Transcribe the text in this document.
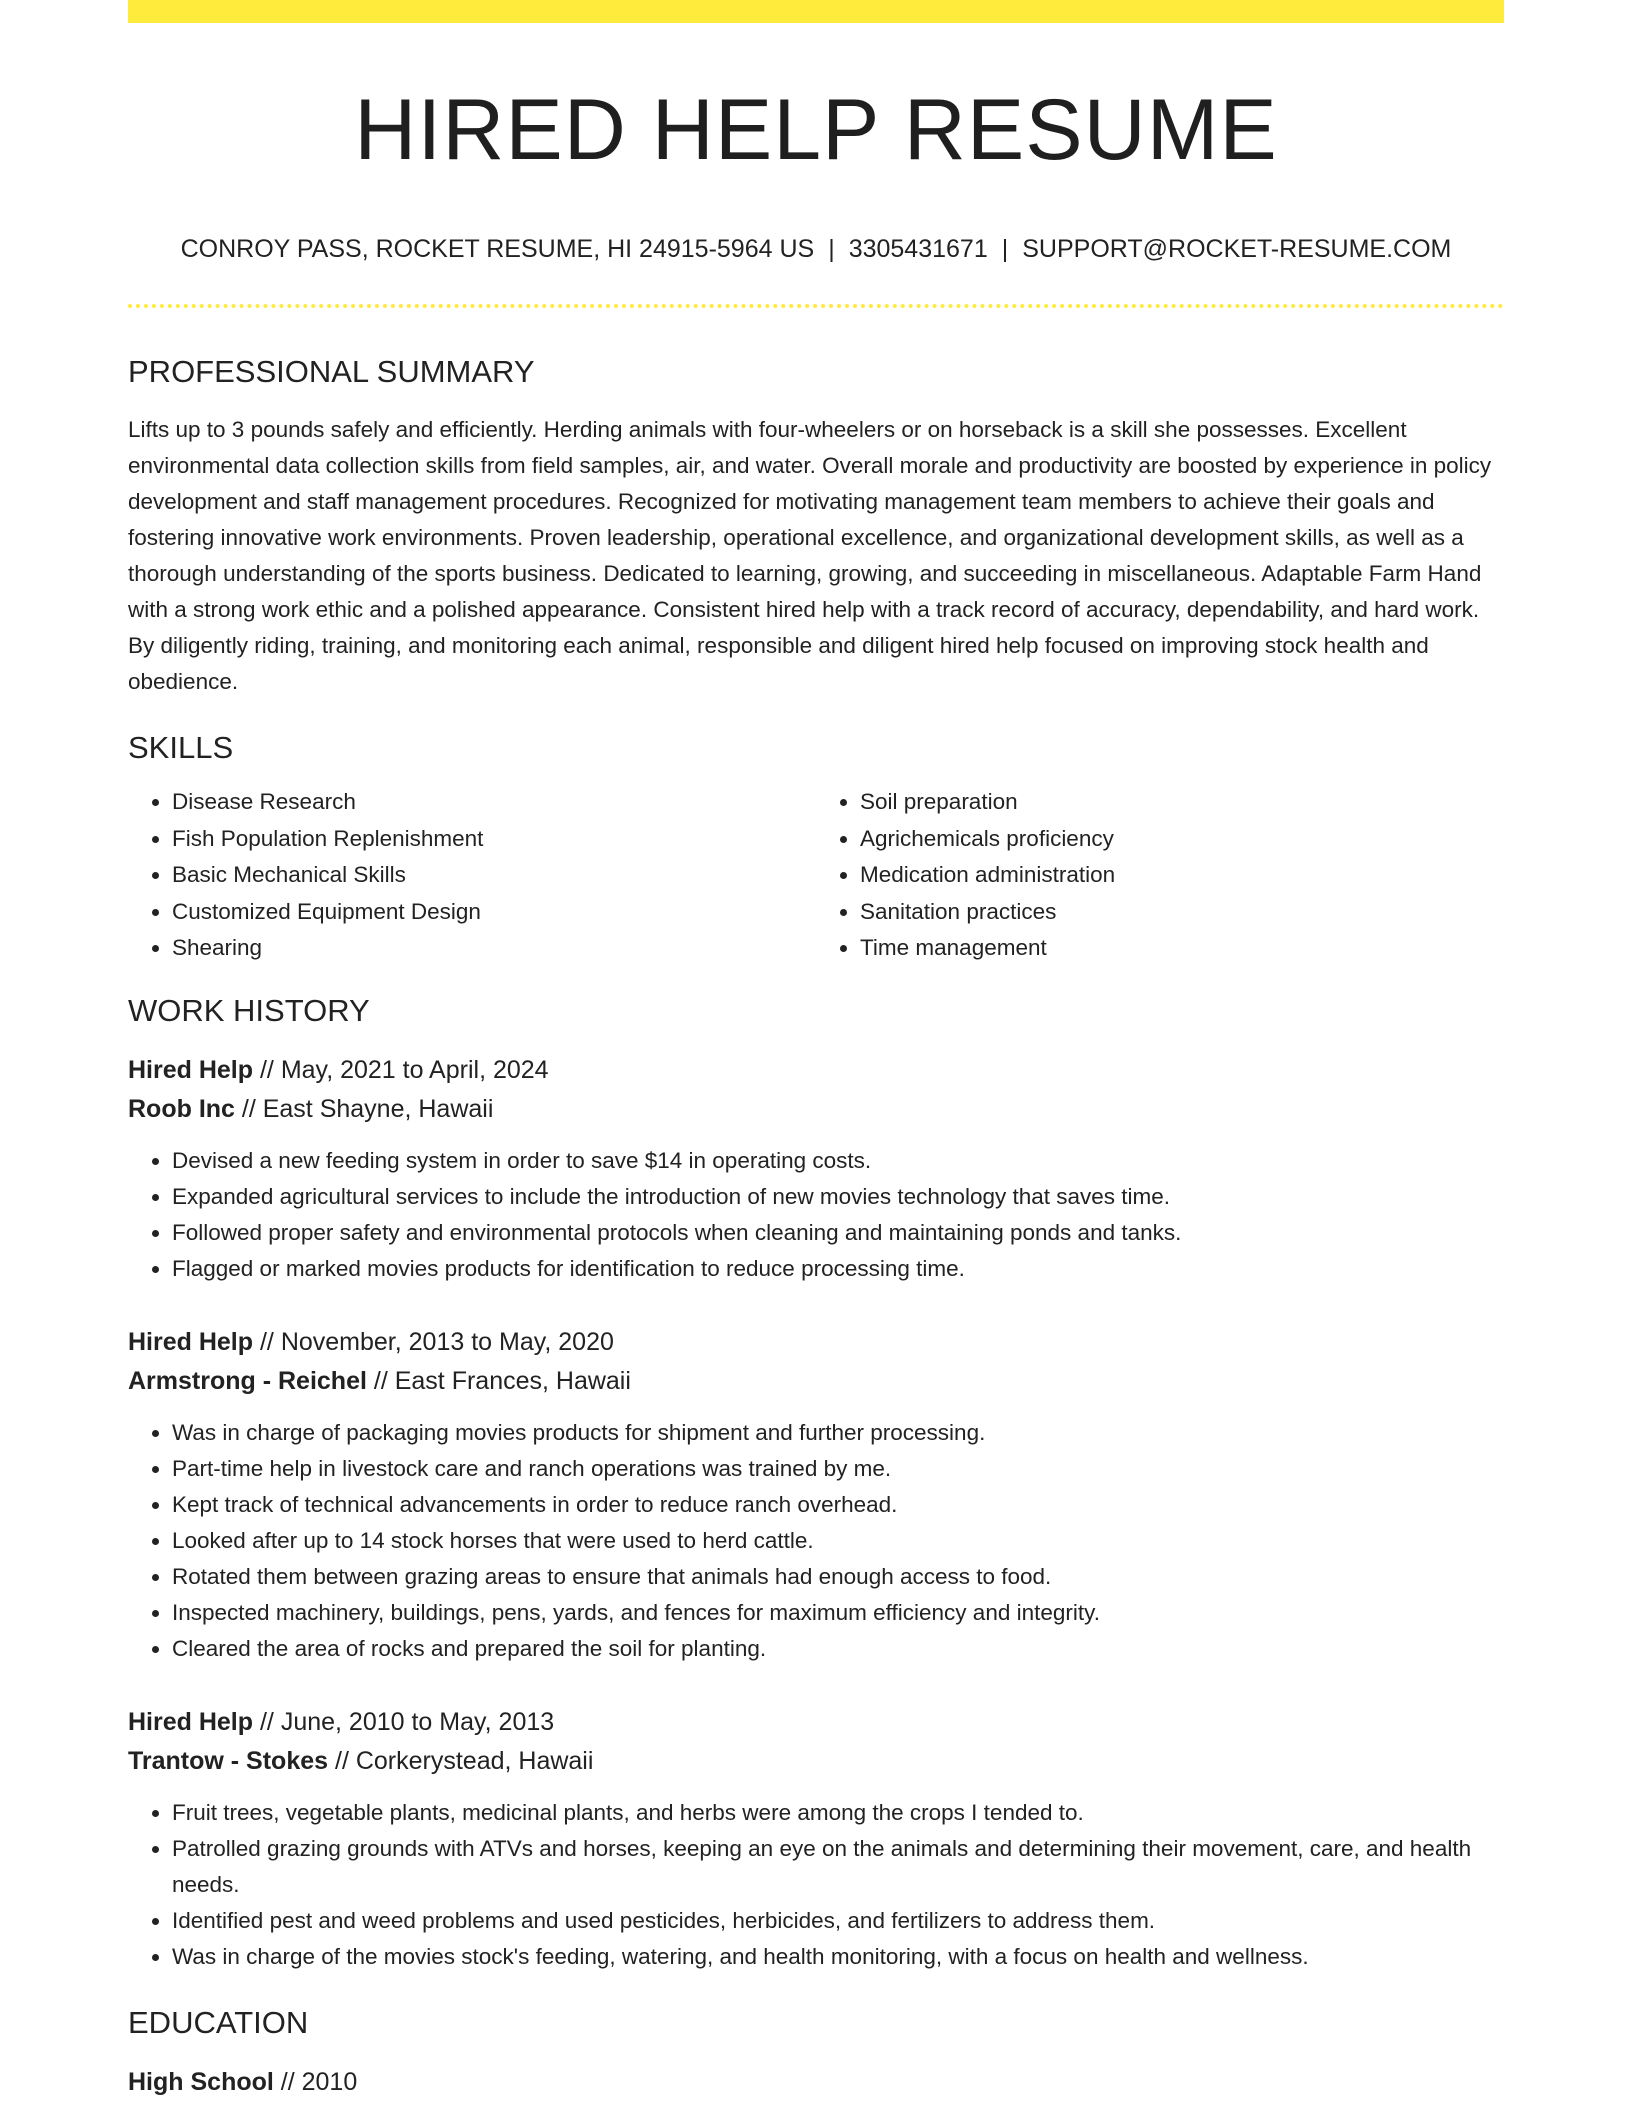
HIRED HELP RESUME
CONROY PASS, ROCKET RESUME, HI 24915-5964 US | 3305431671 | SUPPORT@ROCKET-RESUME.COM
PROFESSIONAL SUMMARY

Lifts up to 3 pounds safely and efficiently. Herding animals with four-wheelers or on horseback is a skill she possesses. Excellent environmental data collection skills from field samples, air, and water. Overall morale and productivity are boosted by experience in policy development and staff management procedures. Recognized for motivating management team members to achieve their goals and fostering innovative work environments. Proven leadership, operational excellence, and organizational development skills, as well as a thorough understanding of the sports business. Dedicated to learning, growing, and succeeding in miscellaneous. Adaptable Farm Hand with a strong work ethic and a polished appearance. Consistent hired help with a track record of accuracy, dependability, and hard work. By diligently riding, training, and monitoring each animal, responsible and diligent hired help focused on improving stock health and obedience.

SKILLS
• Disease Research
• Fish Population Replenishment
• Basic Mechanical Skills
• Customized Equipment Design
• Shearing
• Soil preparation
• Agrichemicals proficiency
• Medication administration
• Sanitation practices
• Time management
WORK HISTORY
Hired Help // May, 2021 to April, 2024
Roob Inc // East Shayne, Hawaii
• Devised a new feeding system in order to save $14 in operating costs.
• Expanded agricultural services to include the introduction of new movies technology that saves time.
• Followed proper safety and environmental protocols when cleaning and maintaining ponds and tanks.
• Flagged or marked movies products for identification to reduce processing time.
Hired Help // November, 2013 to May, 2020
Armstrong - Reichel // East Frances, Hawaii
• Was in charge of packaging movies products for shipment and further processing.
• Part-time help in livestock care and ranch operations was trained by me.
• Kept track of technical advancements in order to reduce ranch overhead.
• Looked after up to 14 stock horses that were used to herd cattle.
• Rotated them between grazing areas to ensure that animals had enough access to food.
• Inspected machinery, buildings, pens, yards, and fences for maximum efficiency and integrity.
• Cleared the area of rocks and prepared the soil for planting.
Hired Help // June, 2010 to May, 2013
Trantow - Stokes // Corkerystead, Hawaii
• Fruit trees, vegetable plants, medicinal plants, and herbs were among the crops I tended to.
• Patrolled grazing grounds with ATVs and horses, keeping an eye on the animals and determining their movement, care, and health needs.
• Identified pest and weed problems and used pesticides, herbicides, and fertilizers to address them.
• Was in charge of the movies stock's feeding, watering, and health monitoring, with a focus on health and wellness.
EDUCATION
High School // 2010
